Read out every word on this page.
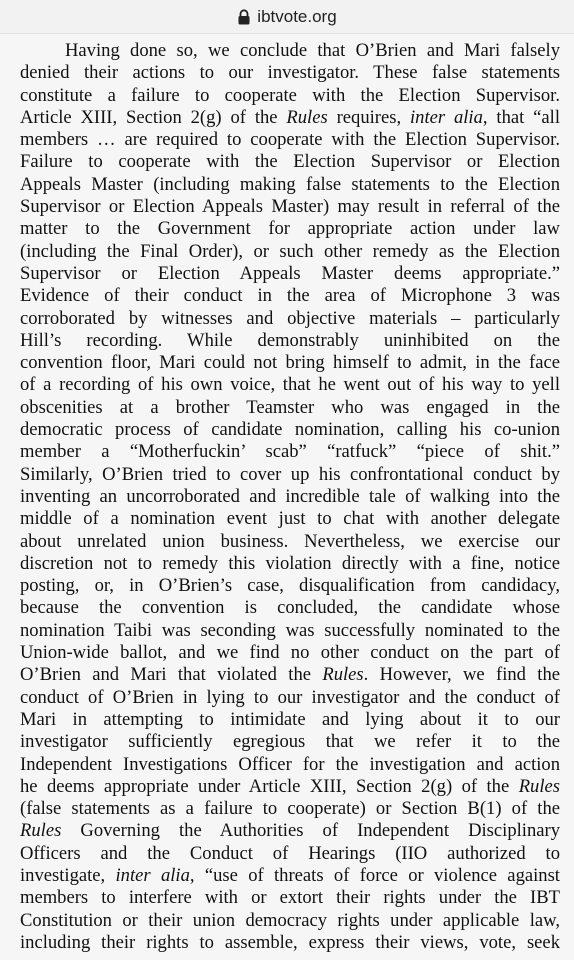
ibtvote.org
Having done so, we conclude that O’Brien and Mari falsely
denied their actions to our investigator. These false statements
constitute a failure to cooperate with the Election Supervisor.
Article XIII, Section 2(g) of the Rules requires, inter alia, that “all
members … are required to cooperate with the Election Supervisor.
Failure to cooperate with the Election Supervisor or Election
Appeals Master (including making false statements to the Election
Supervisor or Election Appeals Master) may result in referral of the
matter to the Government for appropriate action under law
(including the Final Order), or such other remedy as the Election
Supervisor or Election Appeals Master deems appropriate.”
Evidence of their conduct in the area of Microphone 3 was
corroborated by witnesses and objective materials – particularly
Hill’s recording. While demonstrably uninhibited on the
convention floor, Mari could not bring himself to admit, in the face
of a recording of his own voice, that he went out of his way to yell
obscenities at a brother Teamster who was engaged in the
democratic process of candidate nomination, calling his co-union
member a “Motherfuckin’ scab” “ratfuck” “piece of shit.”
Similarly, O’Brien tried to cover up his confrontational conduct by
inventing an uncorroborated and incredible tale of walking into the
middle of a nomination event just to chat with another delegate
about unrelated union business. Nevertheless, we exercise our
discretion not to remedy this violation directly with a fine, notice
posting, or, in O’Brien’s case, disqualification from candidacy,
because the convention is concluded, the candidate whose
nomination Taibi was seconding was successfully nominated to the
Union-wide ballot, and we find no other conduct on the part of
O’Brien and Mari that violated the Rules. However, we find the
conduct of O’Brien in lying to our investigator and the conduct of
Mari in attempting to intimidate and lying about it to our
investigator sufficiently egregious that we refer it to the
Independent Investigations Officer for the investigation and action
he deems appropriate under Article XIII, Section 2(g) of the Rules
(false statements as a failure to cooperate) or Section B(1) of the
Rules Governing the Authorities of Independent Disciplinary
Officers and the Conduct of Hearings (IIO authorized to
investigate, inter alia, “use of threats of force or violence against
members to interfere with or extort their rights under the IBT
Constitution or their union democracy rights under applicable law,
including their rights to assemble, express their views, vote, seek
